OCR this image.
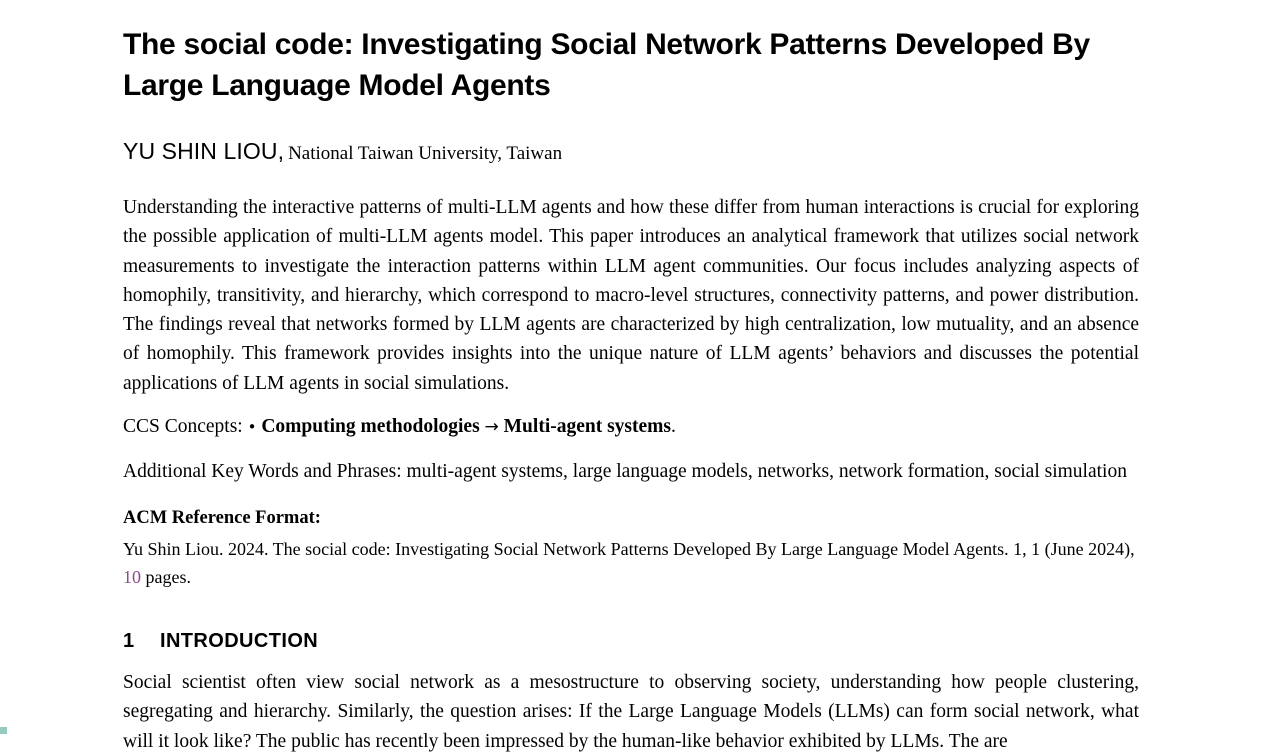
The social code: Investigating Social Network Patterns Developed By Large Language Model Agents

YU SHIN LIOU, National Taiwan University, Taiwan

Understanding the interactive patterns of multi-LLM agents and how these differ from human interactions is crucial for exploring the possible application of multi-LLM agents model. This paper introduces an analytical framework that utilizes social network measurements to investigate the interaction patterns within LLM agent communities. Our focus includes analyzing aspects of homophily, transitivity, and hierarchy, which correspond to macro-level structures, connectivity patterns, and power distribution. The findings reveal that networks formed by LLM agents are characterized by high centralization, low mutuality, and an absence of homophily. This framework provides insights into the unique nature of LLM agents’ behaviors and discusses the potential applications of LLM agents in social simulations.

CCS Concepts: • Computing methodologies → Multi-agent systems.

Additional Key Words and Phrases: multi-agent systems, large language models, networks, network formation, social simulation

ACM Reference Format:
Yu Shin Liou. 2024. The social code: Investigating Social Network Patterns Developed By Large Language Model Agents. 1, 1 (June 2024), 10 pages.

1 INTRODUCTION

Social scientist often view social network as a mesostructure to observing society, understanding how people clustering, segregating and hierarchy. Similarly, the question arises: If the Large Language Models (LLMs) can form social network, what will it look like? The public has recently been impressed by the human-like behavior exhibited by LLMs. The are
